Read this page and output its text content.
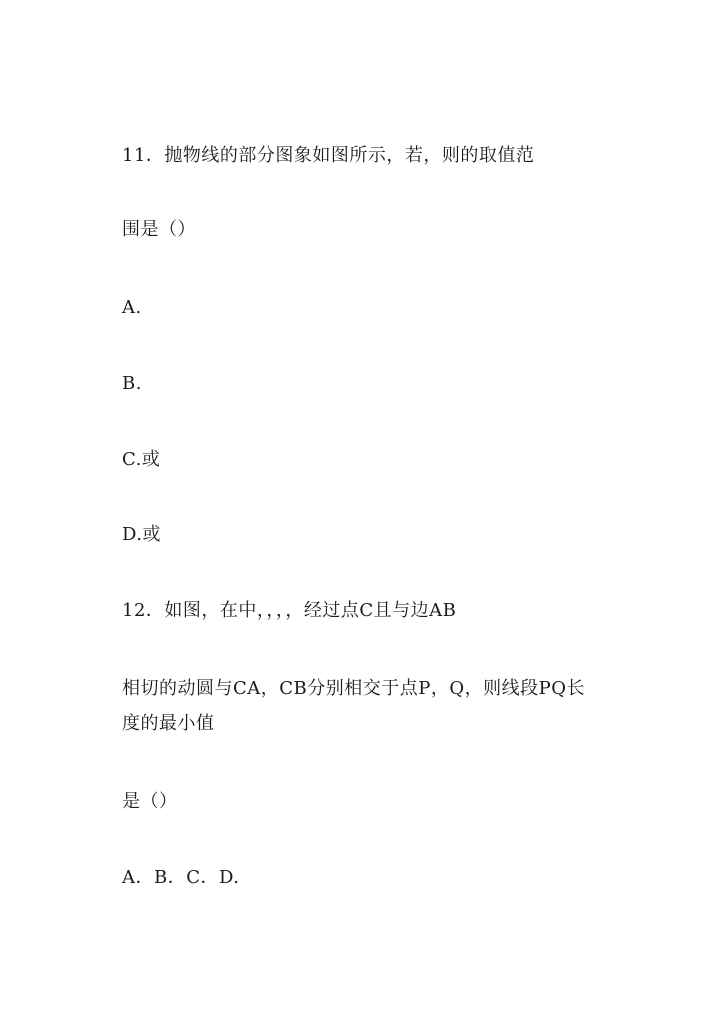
11．抛物线的部分图象如图所示，若，则的取值范
围是（）
A.
B.
C.或
D.或
12．如图，在中，，，，经过点C且与边AB
相切的动圆与CA，CB分别相交于点P，Q，则线段PQ长
度的最小值
是（）
A．B．C．D.
